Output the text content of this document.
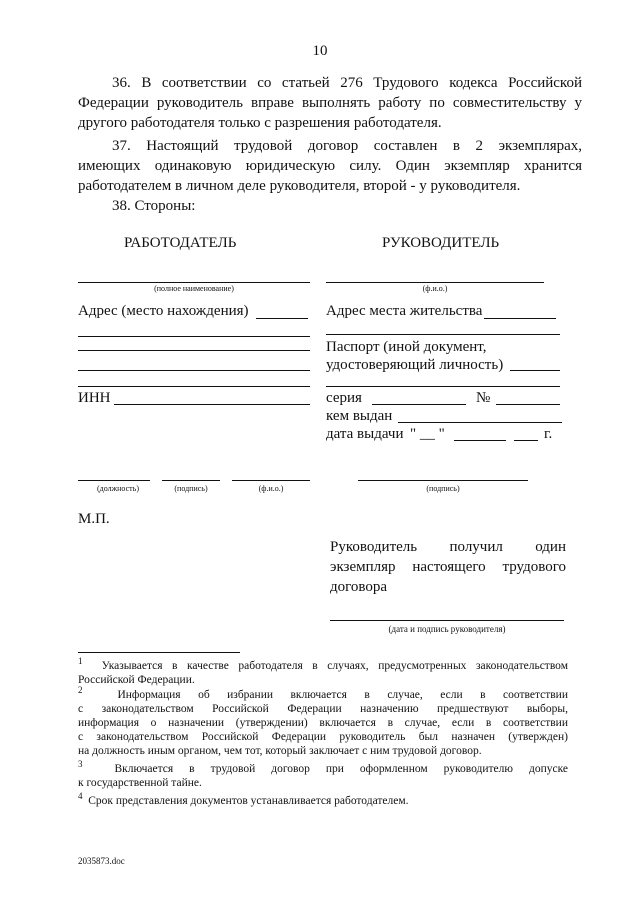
10
36. В соответствии со статьей 276 Трудового кодекса Российской
Федерации руководитель вправе выполнять работу по совместительству у
другого работодателя только с разрешения работодателя.
37. Настоящий трудовой договор составлен в 2 экземплярах,
имеющих одинаковую юридическую силу. Один экземпляр хранится
работодателем в личном деле руководителя, второй - у руководителя.
38. Стороны:
РАБОТОДАТЕЛЬ	РУКОВОДИТЕЛЬ
(полное наименование)
Адрес (место нахождения)
ИНН
(должность)	(подпись)	(ф.и.о.)
М.П.
(ф.и.о.)
Адрес места жительства
Паспорт (иной документ,
удостоверяющий личность)
серия	№
кем выдан
дата выдачи " __ "	г.
(подпись)
Руководитель получил один
экземпляр настоящего трудового
договора
(дата и подпись руководителя)
$^1$ Указывается в качестве работодателя в случаях, предусмотренных законодательством
Российской Федерации.
$^2$	Информация об избрании включается в случае, если в соответствии
с законодательством Российской Федерации назначению предшествуют выборы,
информация о назначении (утверждении) включается в случае, если в соответствии
с законодательством Российской Федерации руководитель был назначен (утвержден)
на должность иным органом, чем тот, который заключает с ним трудовой договор.
$^3$	Включается в трудовой договор при оформленном руководителю допуске
к государственной тайне.
$^4$ Срок представления документов устанавливается работодателем.
2035873.doc
